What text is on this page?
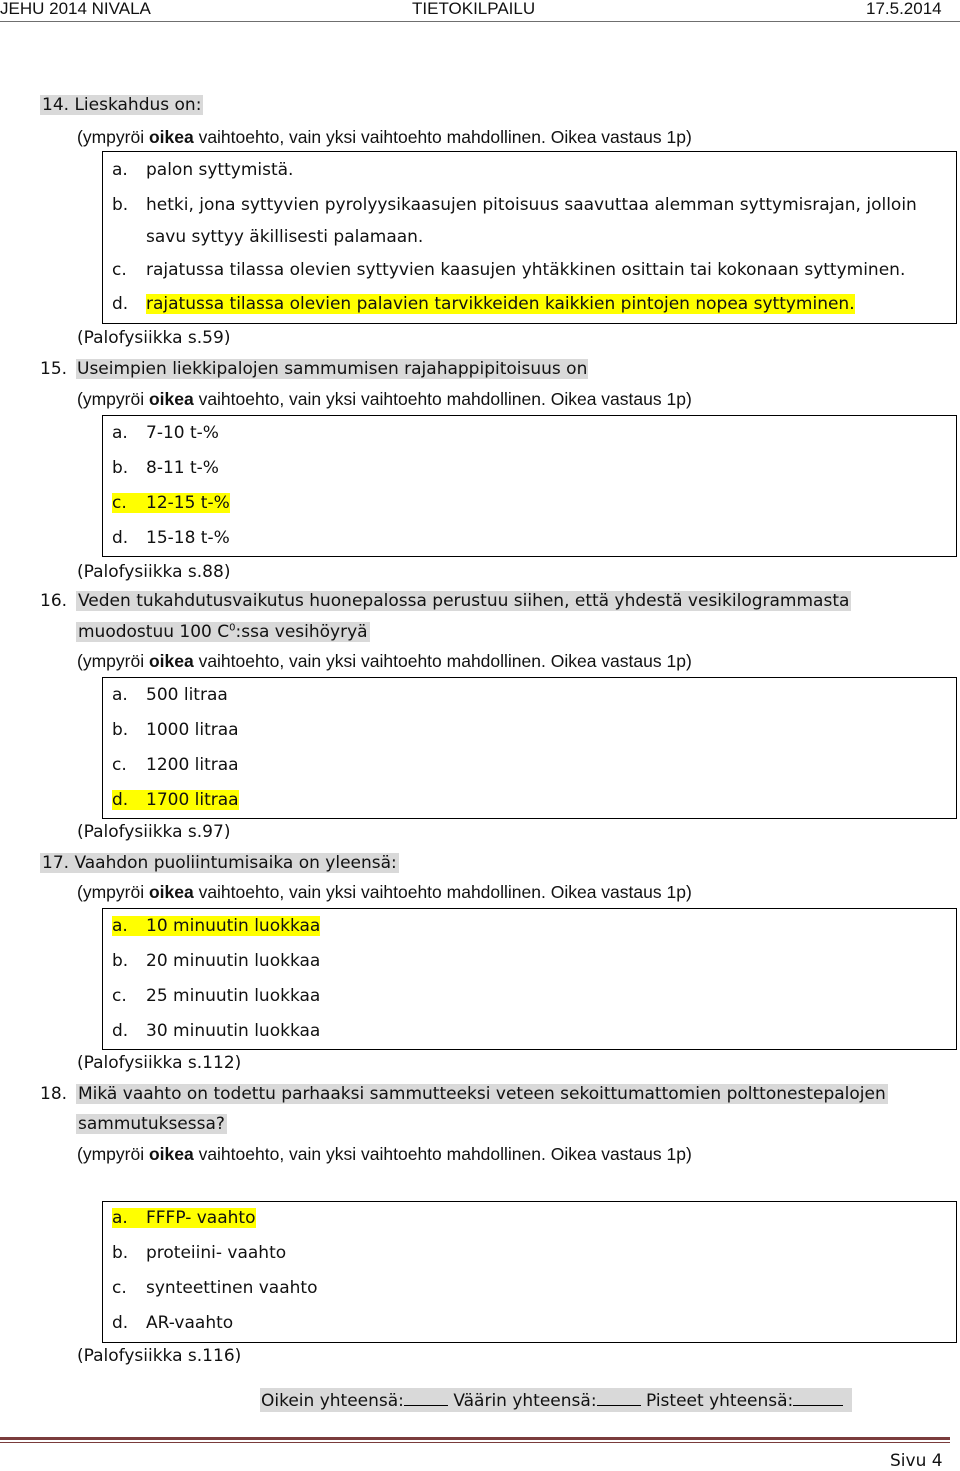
JEHU 2014 NIVALA	TIETOKILPAILU	17.5.2014
14. Lieskahdus on:
(ympyröi oikea vaihtoehto, vain yksi vaihtoehto mahdollinen. Oikea vastaus 1p)
a. palon syttymistä.
b. hetki, jona syttyvien pyrolyysikaasujen pitoisuus saavuttaa alemman syttymisrajan, jolloin
savu syttyy äkillisesti palamaan.
c. rajatussa tilassa olevien syttyvien kaasujen yhtäkkinen osittain tai kokonaan syttyminen.
d. rajatussa tilassa olevien palavien tarvikkeiden kaikkien pintojen nopea syttyminen.
(Palofysiikka s.59)
15. Useimpien liekkipalojen sammumisen rajahappipitoisuus on
(ympyröi oikea vaihtoehto, vain yksi vaihtoehto mahdollinen. Oikea vastaus 1p)
a. 7-10 t-%
b. 8-11 t-%
c.	12-15 t-%
d. 15-18 t-%
(Palofysiikka s.88)
16. Veden tukahdutusvaikutus huonepalossa perustuu siihen, että yhdestä vesikilogrammasta
muodostuu 100 $C^0:ssa$ vesihöyryä
(ympyröi oikea vaihtoehto, vain yksi vaihtoehto mahdollinen. Oikea vastaus 1p)
a. 500 litraa
b. 1000 litraa
c. 1200 litraa
d.	1700 litraa
(Palofysiikka s.97)
17. Vaahdon puoliintumisaika on yleensä:
(ympyröi oikea vaihtoehto, vain yksi vaihtoehto mahdollinen. Oikea vastaus 1p)
a.	10 minuutin luokkaa
b. 20 minuutin luokkaa
c. 25 minuutin luokkaa
d. 30 minuutin luokkaa
(Palofysiikka s.112)
18. Mikä vaahto on todettu parhaaksi sammutteeksi veteen sekoittumattomien polttonestepalojen
sammutuksessa?
(ympyröi oikea vaihtoehto, vain yksi vaihtoehto mahdollinen. Oikea vastaus 1p)
a.	FFFP- vaahto
b. proteiini- vaahto
c. synteettinen vaahto
d. AR-vaahto
(Palofysiikka s.116)
Oikein yhteensä:	Väärin yhteensä:	Pisteet yhteensä:
Sivu 4
